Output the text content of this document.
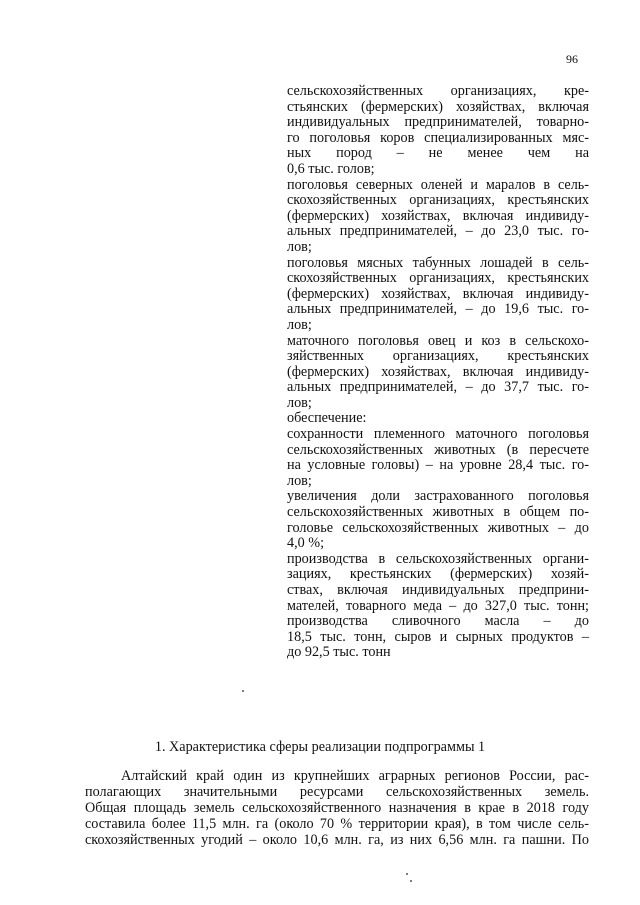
96
сельскохозяйственных организациях, кре-
стьянских (фермерских) хозяйствах, включая
индивидуальных предпринимателей, товарно-
го поголовья коров специализированных мяс-
ных пород – не менее чем на
0,6 тыс. голов;
поголовья северных оленей и маралов в сель-
скохозяйственных организациях, крестьянских
(фермерских) хозяйствах, включая индивиду-
альных предпринимателей, – до 23,0 тыс. го-
лов;
поголовья мясных табунных лошадей в сель-
скохозяйственных организациях, крестьянских
(фермерских) хозяйствах, включая индивиду-
альных предпринимателей, – до 19,6 тыс. го-
лов;
маточного поголовья овец и коз в сельскохо-
зяйственных организациях, крестьянских
(фермерских) хозяйствах, включая индивиду-
альных предпринимателей, – до 37,7 тыс. го-
лов;
обеспечение:
сохранности племенного маточного поголовья
сельскохозяйственных животных (в пересчете
на условные головы) – на уровне 28,4 тыс. го-
лов;
увеличения доли застрахованного поголовья
сельскохозяйственных животных в общем по-
головье сельскохозяйственных животных – до
4,0 %;
производства в сельскохозяйственных органи-
зациях, крестьянских (фермерских) хозяй-
ствах, включая индивидуальных предприни-
мателей, товарного меда – до 327,0 тыс. тонн;
производства сливочного масла – до
18,5 тыс. тонн, сыров и сырных продуктов –
до 92,5 тыс. тонн
1. Характеристика сферы реализации подпрограммы 1
Алтайский край один из крупнейших аграрных регионов России, рас-
полагающих значительными ресурсами сельскохозяйственных земель.
Общая площадь земель сельскохозяйственного назначения в крае в 2018 году
составила более 11,5 млн. га (около 70 % территории края), в том числе сель-
скохозяйственных угодий – около 10,6 млн. га, из них 6,56 млн. га пашни. По
